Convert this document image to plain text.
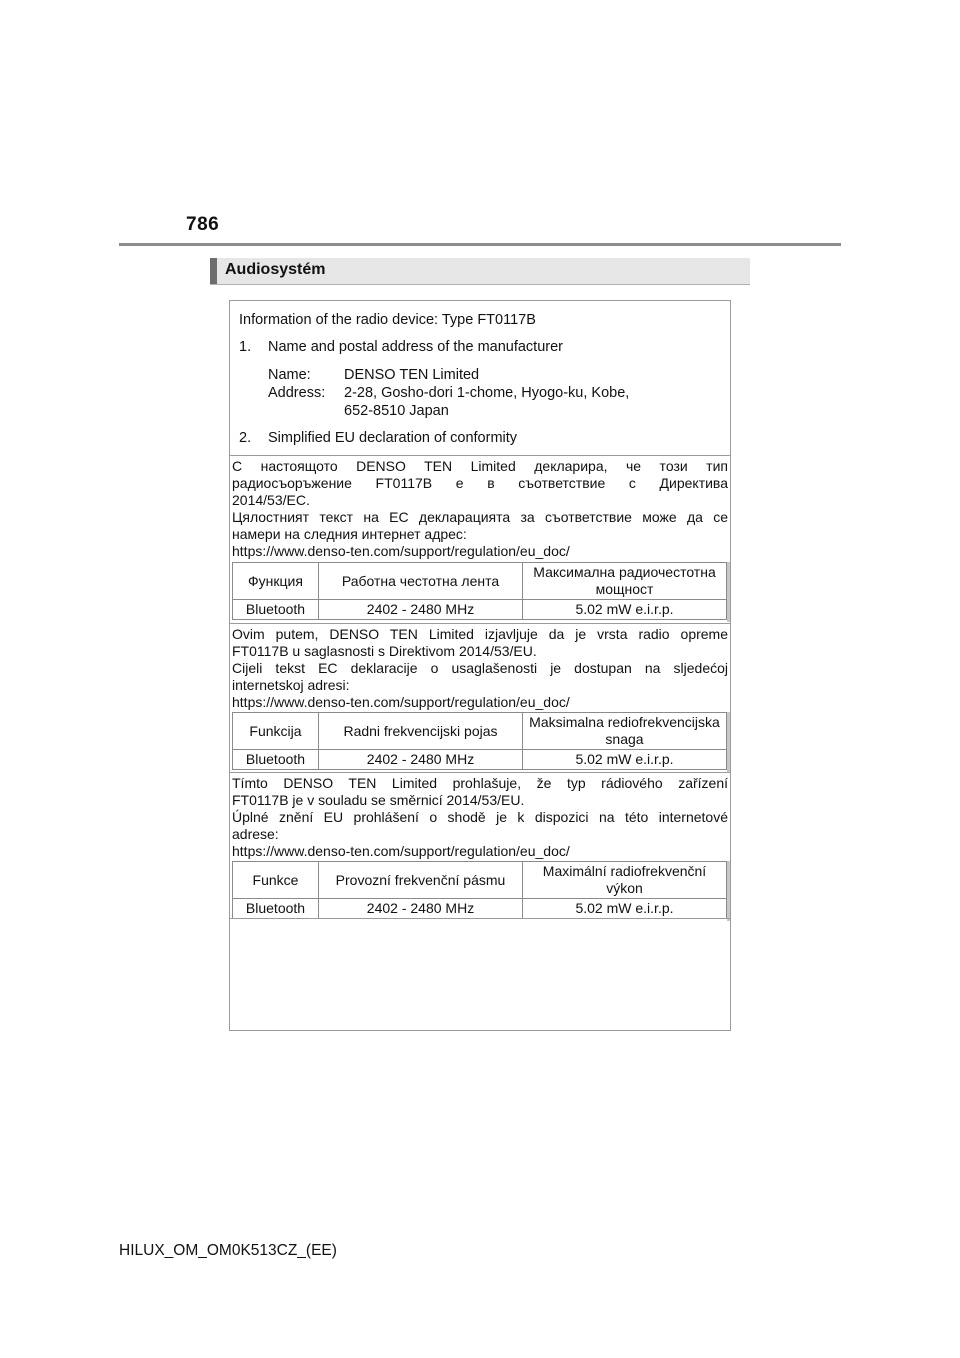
786
Audiosystém
Information of the radio device: Type FT0117B
1.	Name and postal address of the manufacturer
Name: DENSO TEN Limited
Address: 2-28, Gosho-dori 1-chome, Hyogo-ku, Kobe,
652-8510 Japan
2.	Simplified EU declaration of conformity

С настоящото DENSO TEN Limited декларира, че този тип
радиосъоръжение FT0117B е в съответствие с Директива
2014/53/ЕС.
Цялостният текст на ЕС декларацията за съответствие може да се
намери на следния интернет адрес:

https://www.denso-ten.com/support/regulation/eu_doc/
Функция	Работна честотна лента	Максимална радиочестотна мощност
Bluetooth	2402 - 2480 MHz	5.02 mW e.i.r.p.

Ovim putem, DENSO TEN Limited izjavljuje da je vrsta radio opreme
FT0117B u saglasnosti s Direktivom 2014/53/EU.
Cijeli tekst EC deklaracije o usaglašenosti je dostupan na sljedećoj
internetskoj adresi:

https://www.denso-ten.com/support/regulation/eu_doc/
Funkcija	Radni frekvencijski pojas	Maksimalna rediofrekvencijska snaga
Bluetooth	2402 - 2480 MHz	5.02 mW e.i.r.p.

Tímto DENSO TEN Limited prohlašuje, že typ rádiového zařízení
FT0117B je v souladu se směrnicí 2014/53/EU.
Úplné znění EU prohlášení o shodě je k dispozici na této internetové
adrese:

https://www.denso-ten.com/support/regulation/eu_doc/
Funkce	Provozní frekvenční pásmu	Maximální radiofrekvenční výkon
Bluetooth	2402 - 2480 MHz	5.02 mW e.i.r.p.
HILUX_OM_OM0K513CZ_(EE)
